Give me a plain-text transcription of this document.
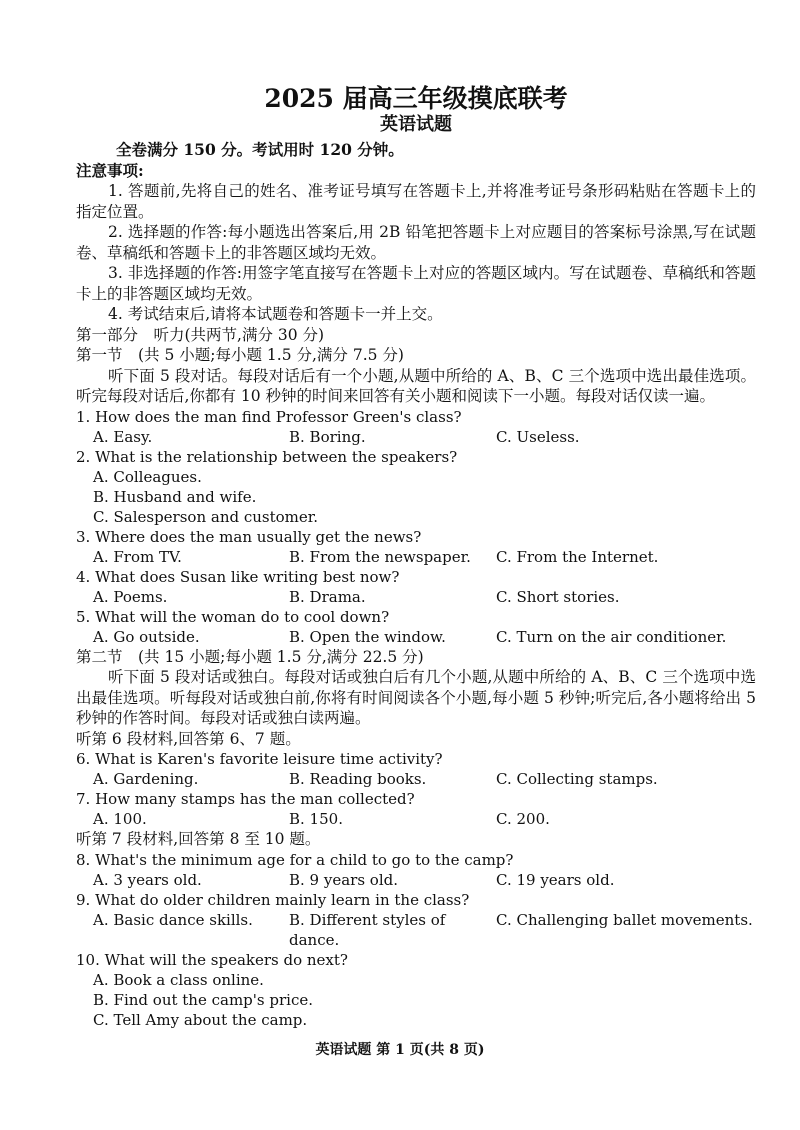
2025 届高三年级摸底联考
英语试题
全卷满分 150 分。考试用时 120 分钟。
注意事项:
1. 答题前,先将自己的姓名、准考证号填写在答题卡上,并将准考证号条形码粘贴在答题卡上的指定位置。
2. 选择题的作答:每小题选出答案后,用 2B 铅笔把答题卡上对应题目的答案标号涂黑,写在试题卷、草稿纸和答题卡上的非答题区域均无效。
3. 非选择题的作答:用签字笔直接写在答题卡上对应的答题区域内。写在试题卷、草稿纸和答题卡上的非答题区域均无效。
4. 考试结束后,请将本试题卷和答题卡一并上交。
第一部分　听力(共两节,满分 30 分)
第一节　(共 5 小题;每小题 1.5 分,满分 7.5 分)
听下面 5 段对话。每段对话后有一个小题,从题中所给的 A、B、C 三个选项中选出最佳选项。听完每段对话后,你都有 10 秒钟的时间来回答有关小题和阅读下一小题。每段对话仅读一遍。
1. How does the man find Professor Green's class?
A. Easy.	B. Boring.	C. Useless.
2. What is the relationship between the speakers?
A. Colleagues.
B. Husband and wife.
C. Salesperson and customer.
3. Where does the man usually get the news?
A. From TV.	B. From the newspaper.	C. From the Internet.
4. What does Susan like writing best now?
A. Poems.	B. Drama.	C. Short stories.
5. What will the woman do to cool down?
A. Go outside.	B. Open the window.	C. Turn on the air conditioner.
第二节　(共 15 小题;每小题 1.5 分,满分 22.5 分)
听下面 5 段对话或独白。每段对话或独白后有几个小题,从题中所给的 A、B、C 三个选项中选出最佳选项。听每段对话或独白前,你将有时间阅读各个小题,每小题 5 秒钟;听完后,各小题将给出 5 秒钟的作答时间。每段对话或独白读两遍。
听第 6 段材料,回答第 6、7 题。
6. What is Karen's favorite leisure time activity?
A. Gardening.	B. Reading books.	C. Collecting stamps.
7. How many stamps has the man collected?
A. 100.	B. 150.	C. 200.
听第 7 段材料,回答第 8 至 10 题。
8. What's the minimum age for a child to go to the camp?
A. 3 years old.	B. 9 years old.	C. 19 years old.
9. What do older children mainly learn in the class?
A. Basic dance skills.	B. Different styles of dance.
C. Challenging ballet movements.
10. What will the speakers do next?
A. Book a class online.
B. Find out the camp's price.
C. Tell Amy about the camp.
英语试题 第 1 页(共 8 页)
